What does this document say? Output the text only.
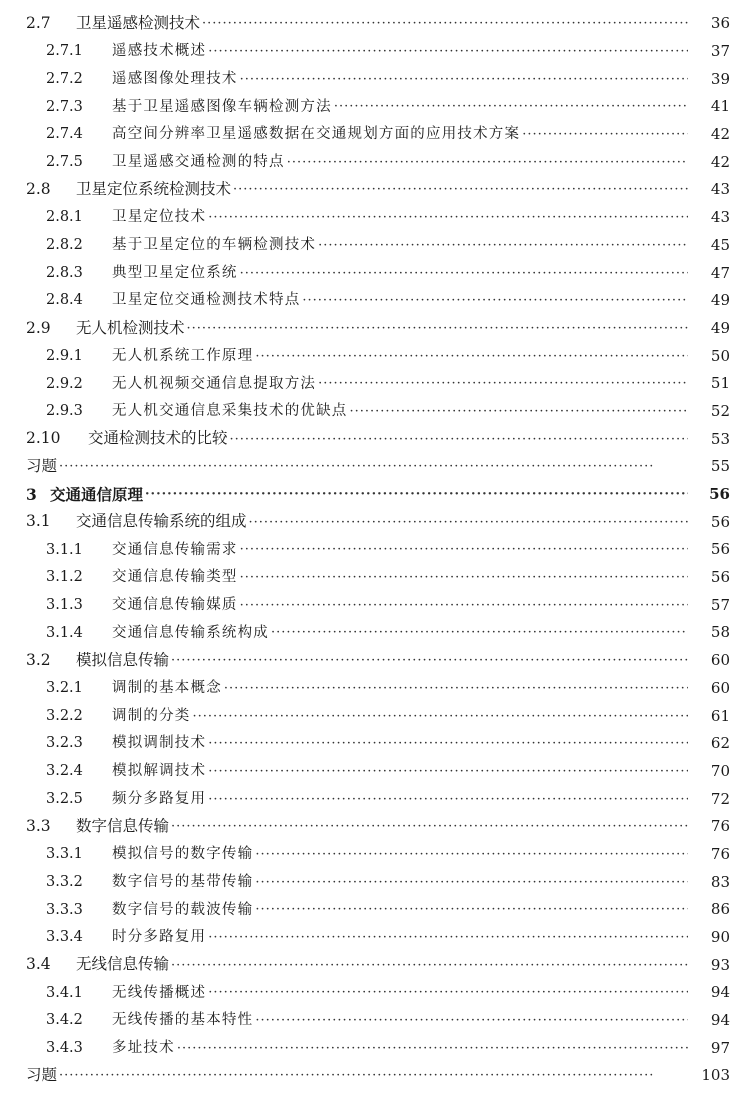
2.7	卫星遥感检测技术 ·····	36
2.7.1	遥感技术概述 ·····	37
2.7.2	遥感图像处理技术 ·····	39
2.7.3	基于卫星遥感图像车辆检测方法 ·····	41
2.7.4	高空间分辨率卫星遥感数据在交通规划方面的应用技术方案 ·····	42
2.7.5	卫星遥感交通检测的特点 ·····	42
2.8	卫星定位系统检测技术 ·····	43
2.8.1	卫星定位技术 ·····	43
2.8.2	基于卫星定位的车辆检测技术 ·····	45
2.8.3	典型卫星定位系统 ·····	47
2.8.4	卫星定位交通检测技术特点 ·····	49
2.9	无人机检测技术 ·····	49
2.9.1	无人机系统工作原理 ·····	50
2.9.2	无人机视频交通信息提取方法 ·····	51
2.9.3	无人机交通信息采集技术的优缺点 ·····	52
2.10	交通检测技术的比较 ·····	53
习题 ·····	55
3 交通通信原理 ·····	56
3.1	交通信息传输系统的组成 ·····	56
3.1.1	交通信息传输需求 ·····	56
3.1.2	交通信息传输类型 ·····	56
3.1.3	交通信息传输媒质 ·····	57
3.1.4	交通信息传输系统构成 ·····	58
3.2	模拟信息传输 ·····	60
3.2.1	调制的基本概念 ·····	60
3.2.2	调制的分类 ·····	61
3.2.3	模拟调制技术 ·····	62
3.2.4	模拟解调技术 ·····	70
3.2.5	频分多路复用 ·····	72
3.3	数字信息传输 ·····	76
3.3.1	模拟信号的数字传输 ·····	76
3.3.2	数字信号的基带传输 ·····	83
3.3.3	数字信号的载波传输 ·····	86
3.3.4	时分多路复用 ·····	90
3.4	无线信息传输 ·····	93
3.4.1	无线传播概述 ·····	94
3.4.2	无线传播的基本特性 ·····	94
3.4.3	多址技术 ·····	97
习题 ·····	103
